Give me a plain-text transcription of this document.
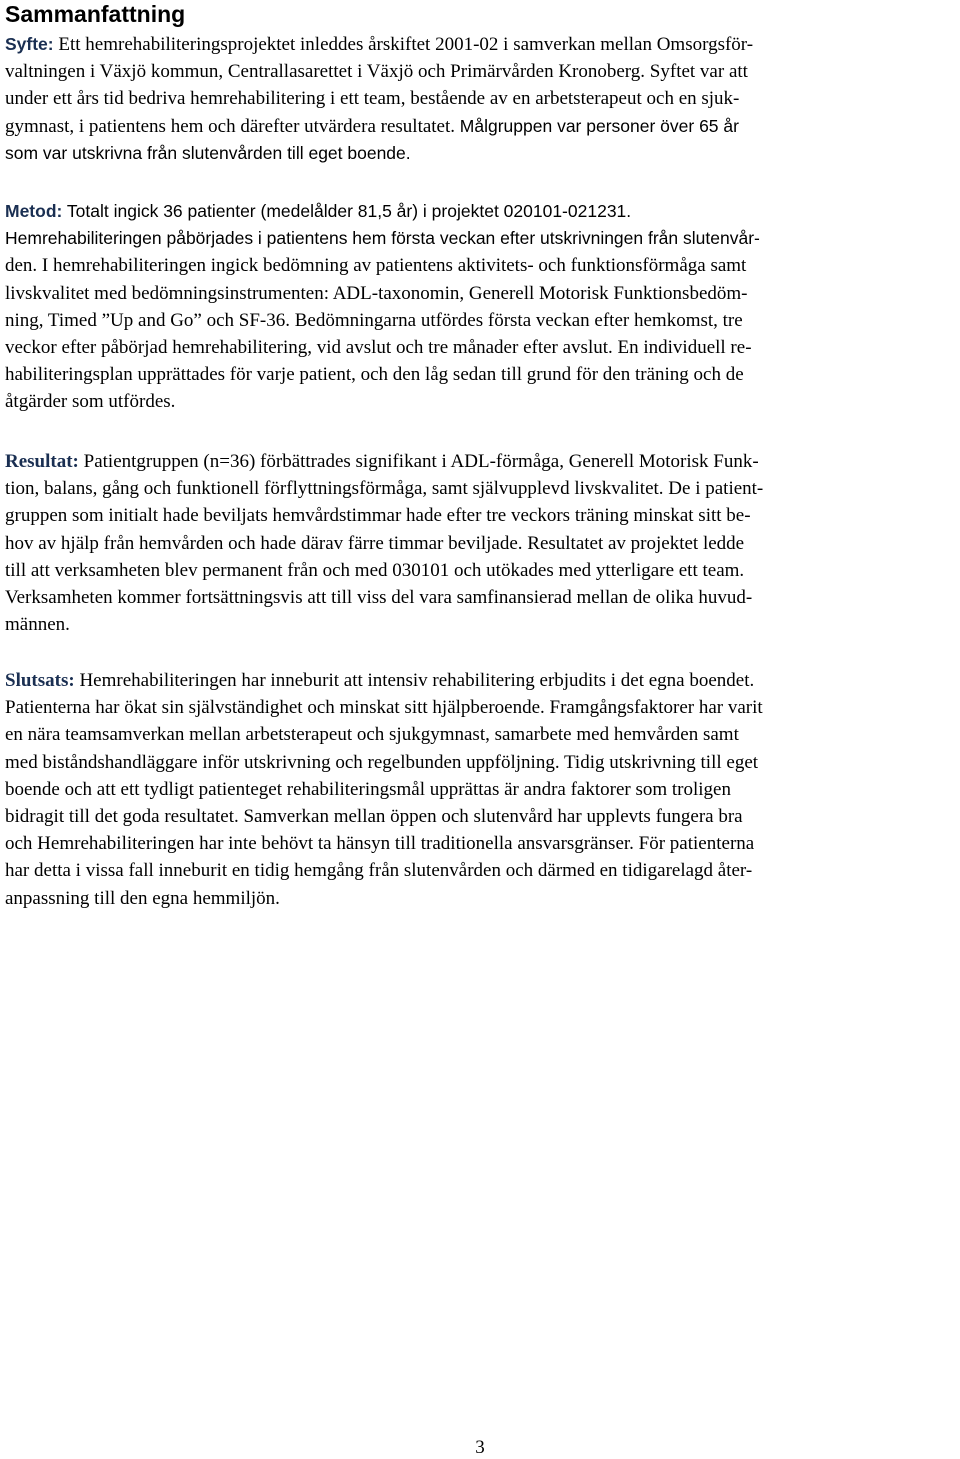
Sammanfattning
Syfte: Ett hemrehabiliteringsprojektet inleddes årskiftet 2001-02 i samverkan mellan Omsorgsför-
valtningen i Växjö kommun, Centrallasarettet i Växjö och Primärvården Kronoberg. Syftet var att
under ett års tid bedriva hemrehabilitering i ett team, bestående av en arbetsterapeut och en sjuk-
gymnast, i patientens hem och därefter utvärdera resultatet. Målgruppen var personer över 65 år
som var utskrivna från slutenvården till eget boende.
Metod: Totalt ingick 36 patienter (medelålder 81,5 år) i projektet 020101-021231.
Hemrehabiliteringen påbörjades i patientens hem första veckan efter utskrivningen från slutenvår-
den. I hemrehabiliteringen ingick bedömning av patientens aktivitets- och funktionsförmåga samt
livskvalitet med bedömningsinstrumenten: ADL-taxonomin, Generell Motorisk Funktionsbedöm-
ning, Timed ”Up and Go” och SF-36. Bedömningarna utfördes första veckan efter hemkomst, tre
veckor efter påbörjad hemrehabilitering, vid avslut och tre månader efter avslut. En individuell re-
habiliteringsplan upprättades för varje patient, och den låg sedan till grund för den träning och de
åtgärder som utfördes.
Resultat: Patientgruppen (n=36) förbättrades signifikant i ADL-förmåga, Generell Motorisk Funk-
tion, balans, gång och funktionell förflyttningsförmåga, samt självupplevd livskvalitet. De i patient-
gruppen som initialt hade beviljats hemvårdstimmar hade efter tre veckors träning minskat sitt be-
hov av hjälp från hemvården och hade därav färre timmar beviljade. Resultatet av projektet ledde
till att verksamheten blev permanent från och med 030101 och utökades med ytterligare ett team.
Verksamheten kommer fortsättningsvis att till viss del vara samfinansierad mellan de olika huvud-
männen.
Slutsats: Hemrehabiliteringen har inneburit att intensiv rehabilitering erbjudits i det egna boendet.
Patienterna har ökat sin självständighet och minskat sitt hjälpberoende. Framgångsfaktorer har varit
en nära teamsamverkan mellan arbetsterapeut och sjukgymnast, samarbete med hemvården samt
med biståndshandläggare inför utskrivning och regelbunden uppföljning. Tidig utskrivning till eget
boende och att ett tydligt patienteget rehabiliteringsmål upprättas är andra faktorer som troligen
bidragit till det goda resultatet. Samverkan mellan öppen och slutenvård har upplevts fungera bra
och Hemrehabiliteringen har inte behövt ta hänsyn till traditionella ansvarsgränser. För patienterna
har detta i vissa fall inneburit en tidig hemgång från slutenvården och därmed en tidigarelagd åter-
anpassning till den egna hemmiljön.
3
